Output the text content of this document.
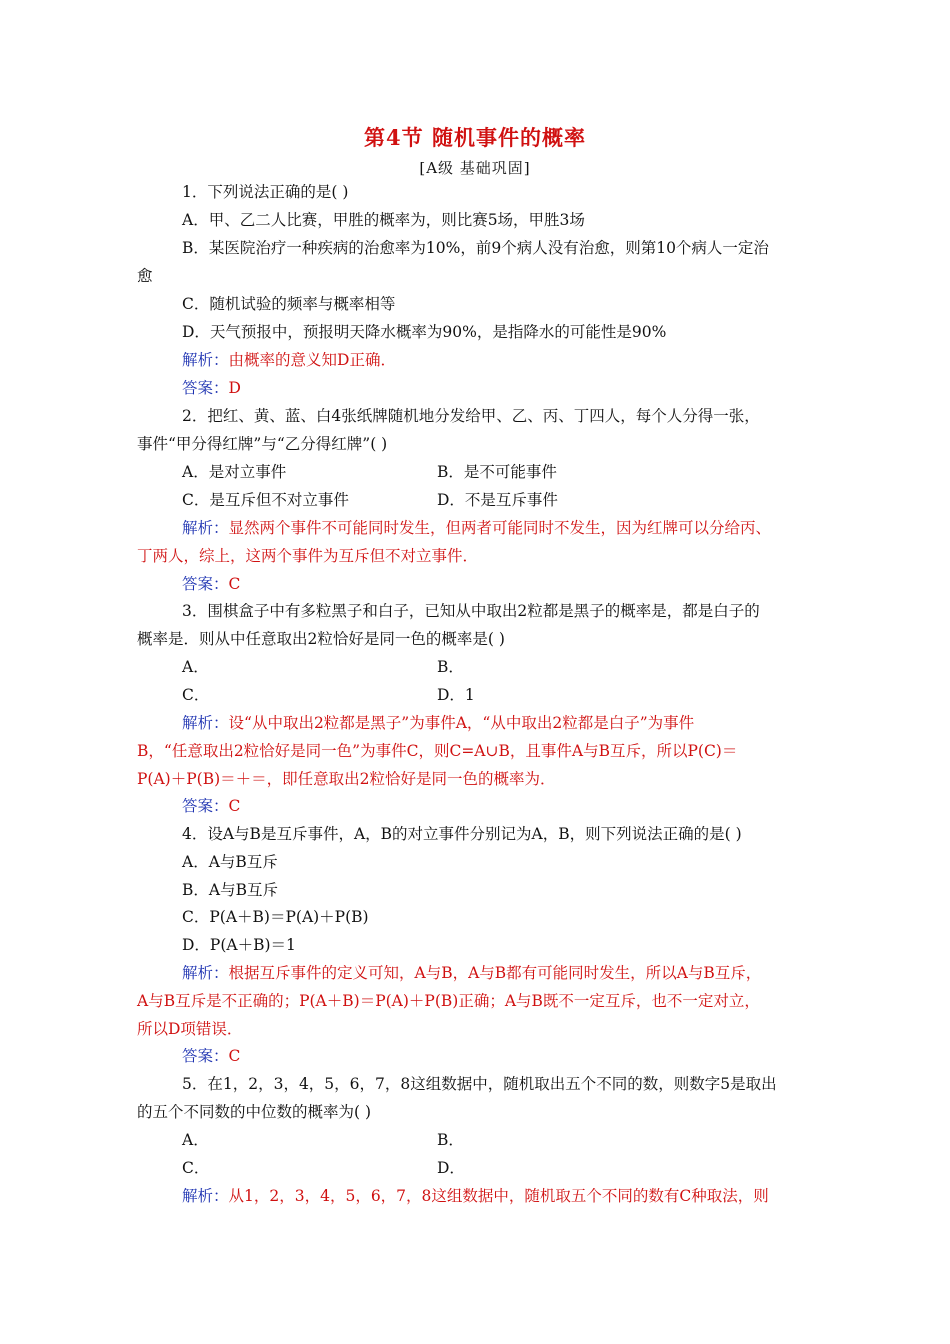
第4节 随机事件的概率
[A级 基础巩固]
1．下列说法正确的是( )
A．甲、乙二人比赛，甲胜的概率为，则比赛5场，甲胜3场
B．某医院治疗一种疾病的治愈率为10%，前9个病人没有治愈，则第10个病人一定治
愈
C．随机试验的频率与概率相等
D．天气预报中，预报明天降水概率为90%，是指降水的可能性是90%
解析：由概率的意义知D正确．
答案：D
2．把红、黄、蓝、白4张纸牌随机地分发给甲、乙、丙、丁四人，每个人分得一张，
事件“甲分得红牌”与“乙分得红牌”( )
A．是对立事件	B．是不可能事件
C．是互斥但不对立事件	D．不是互斥事件
解析：显然两个事件不可能同时发生，但两者可能同时不发生，因为红牌可以分给丙、
丁两人，综上，这两个事件为互斥但不对立事件．
答案：C
3．围棋盒子中有多粒黑子和白子，已知从中取出2粒都是黑子的概率是，都是白子的
概率是．则从中任意取出2粒恰好是同一色的概率是( )
A．	B．
C．	D．1
解析：设“从中取出2粒都是黑子”为事件A，“从中取出2粒都是白子”为事件
B，“任意取出2粒恰好是同一色”为事件C，则C=A∪B，且事件A与B互斥，所以P(C)＝
P(A)＋P(B)＝＋＝，即任意取出2粒恰好是同一色的概率为．
答案：C
4．设A与B是互斥事件，A，B的对立事件分别记为A，B，则下列说法正确的是( )
A．A与B互斥
B．A与B互斥
C．P(A＋B)＝P(A)＋P(B)
D．P(A＋B)＝1
解析：根据互斥事件的定义可知，A与B，A与B都有可能同时发生，所以A与B互斥，
A与B互斥是不正确的；P(A＋B)＝P(A)＋P(B)正确；A与B既不一定互斥，也不一定对立，
所以D项错误．
答案：C
5．在1，2，3，4，5，6，7，8这组数据中，随机取出五个不同的数，则数字5是取出
的五个不同数的中位数的概率为( )
A．	B．
C．	D．
解析：从1，2，3，4，5，6，7，8这组数据中，随机取五个不同的数有C种取法，则
